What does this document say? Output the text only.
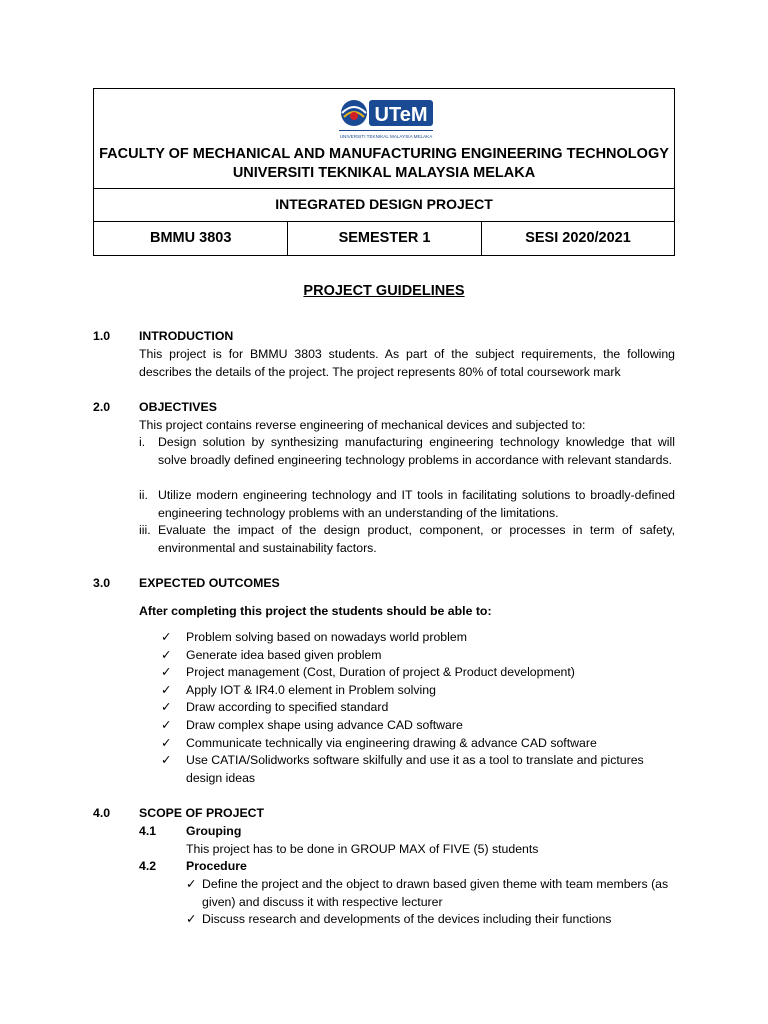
UTeM
UNIVERSITI TEKNIKAL MALAYSIA MELAKA
FACULTY OF MECHANICAL AND MANUFACTURING ENGINEERING TECHNOLOGY
UNIVERSITI TEKNIKAL MALAYSIA MELAKA
INTEGRATED DESIGN PROJECT
BMMU 3803	SEMESTER 1	SESI 2020/2021
PROJECT GUIDELINES
1.0 INTRODUCTION
This project is for BMMU 3803 students. As part of the subject requirements, the following describes the details of the project. The project represents 80% of total coursework mark
2.0 OBJECTIVES
This project contains reverse engineering of mechanical devices and subjected to:
i. Design solution by synthesizing manufacturing engineering technology knowledge that will solve broadly defined engineering technology problems in accordance with relevant standards.
ii. Utilize modern engineering technology and IT tools in facilitating solutions to broadly-defined engineering technology problems with an understanding of the limitations.
iii. Evaluate the impact of the design product, component, or processes in term of safety, environmental and sustainability factors.
3.0 EXPECTED OUTCOMES
After completing this project the students should be able to:
✓ Problem solving based on nowadays world problem
✓ Generate idea based given problem
✓ Project management (Cost, Duration of project & Product development)
✓ Apply IOT & IR4.0 element in Problem solving
✓ Draw according to specified standard
✓ Draw complex shape using advance CAD software
✓ Communicate technically via engineering drawing & advance CAD software
✓ Use CATIA/Solidworks software skilfully and use it as a tool to translate and pictures design ideas
4.0 SCOPE OF PROJECT
4.1 Grouping
This project has to be done in GROUP MAX of FIVE (5) students
4.2 Procedure
✓ Define the project and the object to drawn based given theme with team members (as given) and discuss it with respective lecturer
✓ Discuss research and developments of the devices including their functions
